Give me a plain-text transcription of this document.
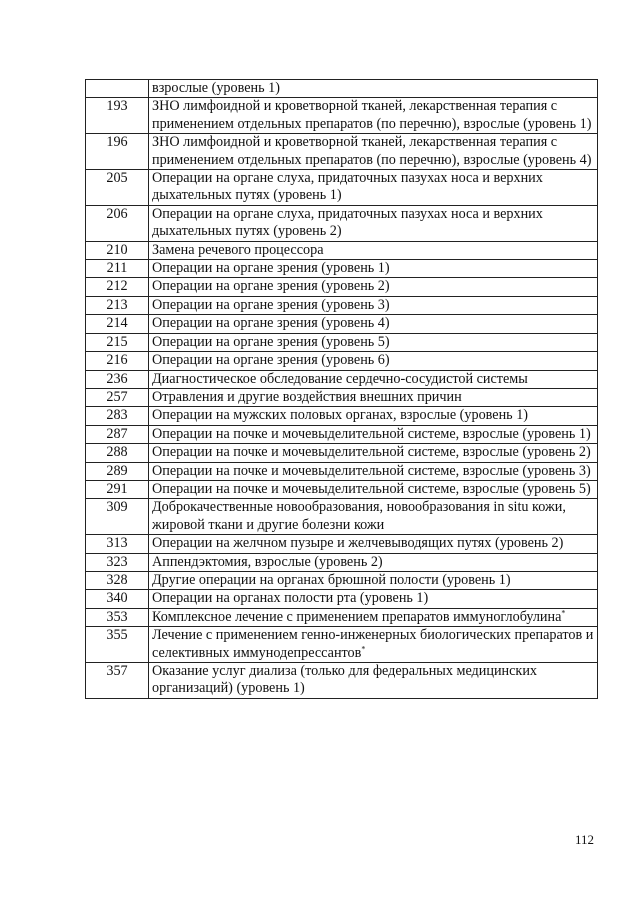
	взрослые (уровень 1)
193	ЗНО лимфоидной и кроветворной тканей, лекарственная терапия с применением отдельных препаратов (по перечню), взрослые (уровень 1)
196	ЗНО лимфоидной и кроветворной тканей, лекарственная терапия с применением отдельных препаратов (по перечню), взрослые (уровень 4)
205	Операции на органе слуха, придаточных пазухах носа и верхних дыхательных путях (уровень 1)
206	Операции на органе слуха, придаточных пазухах носа и верхних дыхательных путях (уровень 2)
210	Замена речевого процессора
211	Операции на органе зрения (уровень 1)
212	Операции на органе зрения (уровень 2)
213	Операции на органе зрения (уровень 3)
214	Операции на органе зрения (уровень 4)
215	Операции на органе зрения (уровень 5)
216	Операции на органе зрения (уровень 6)
236	Диагностическое обследование сердечно-сосудистой системы
257	Отравления и другие воздействия внешних причин
283	Операции на мужских половых органах, взрослые (уровень 1)
287	Операции на почке и мочевыделительной системе, взрослые (уровень 1)
288	Операции на почке и мочевыделительной системе, взрослые (уровень 2)
289	Операции на почке и мочевыделительной системе, взрослые (уровень 3)
291	Операции на почке и мочевыделительной системе, взрослые (уровень 5)
309	Доброкачественные новообразования, новообразования in situ кожи, жировой ткани и другие болезни кожи
313	Операции на желчном пузыре и желчевыводящих путях (уровень 2)
323	Аппендэктомия, взрослые (уровень 2)
328	Другие операции на органах брюшной полости (уровень 1)
340	Операции на органах полости рта (уровень 1)
353	Комплексное лечение с применением препаратов иммуноглобулина*
355	Лечение с применением генно-инженерных биологических препаратов и селективных иммунодепрессантов*
357	Оказание услуг диализа (только для федеральных медицинских организаций) (уровень 1)
112
